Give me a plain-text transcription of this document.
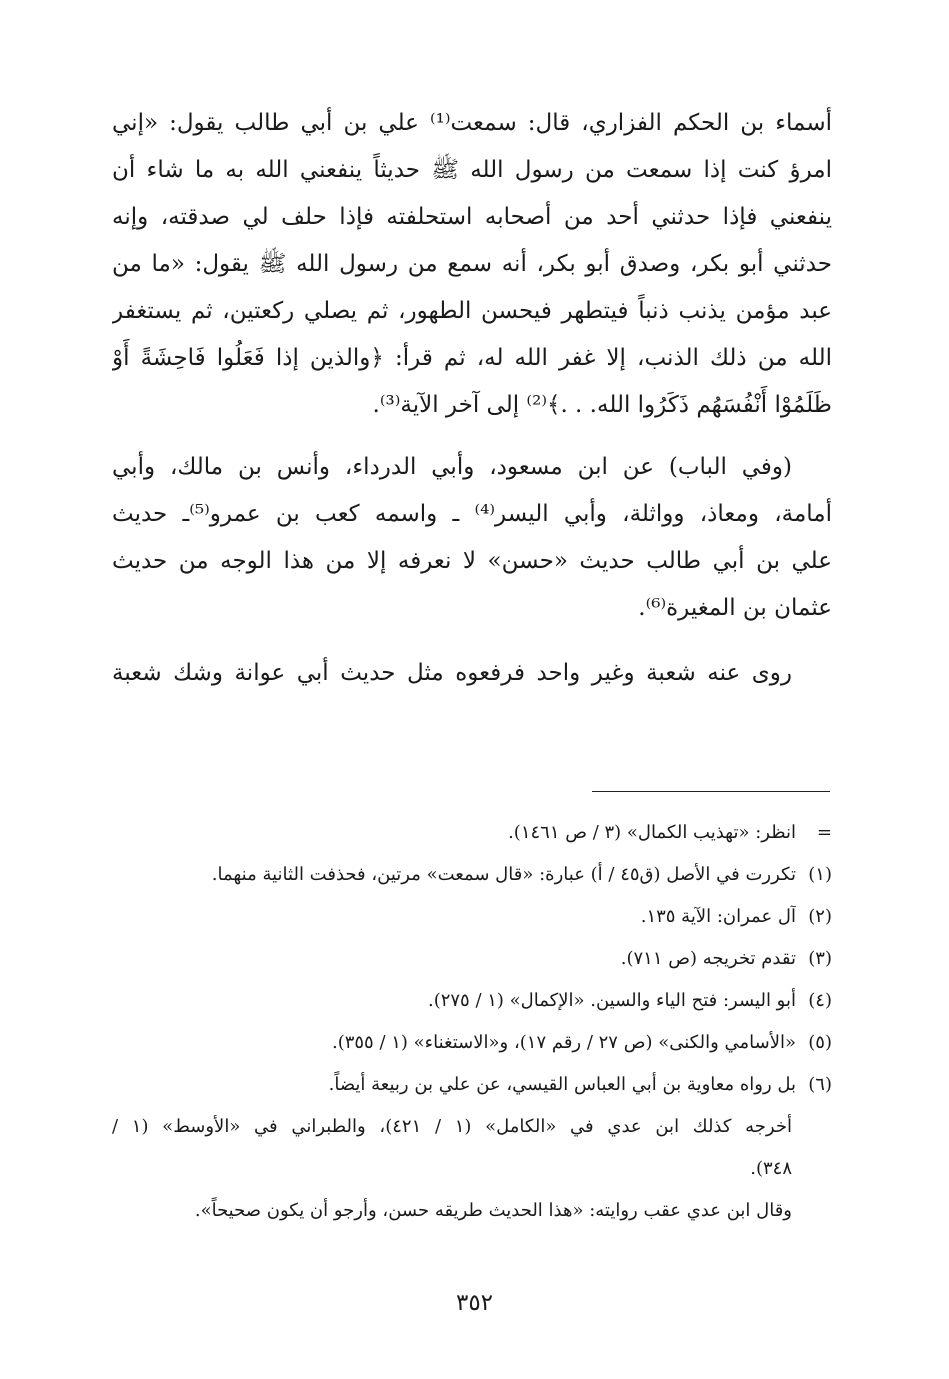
أسماء بن الحكم الفزاري، قال: سمعت⁽¹⁾ علي بن أبي طالب يقول: «إني
امرؤ كنت إذا سمعت من رسول الله ﷺ حديثاً ينفعني الله به ما شاء أن
ينفعني فإذا حدثني أحد من أصحابه استحلفته فإذا حلف لي صدقته، وإنه
حدثني أبو بكر، وصدق أبو بكر، أنه سمع من رسول الله ﷺ يقول: «ما من
عبد مؤمن يذنب ذنباً فيتطهر فيحسن الطهور، ثم يصلي ركعتين، ثم يستغفر
الله من ذلك الذنب، إلا غفر الله له، ثم قرأ: ﴿والذين إذا فَعَلُوا فَاحِشَةً أَوْ
ظَلَمُوْا أَنْفُسَهُم ذَكَرُوا الله. . .﴾⁽²⁾ إلى آخر الآية⁽³⁾.
(وفي الباب) عن ابن مسعود، وأبي الدرداء، وأنس بن مالك، وأبي
أمامة، ومعاذ، وواثلة، وأبي اليسر⁽⁴⁾ ـ واسمه كعب بن عمرو⁽⁵⁾ـ حديث
علي بن أبي طالب حديث «حسن» لا نعرفه إلا من هذا الوجه من حديث
عثمان بن المغيرة⁽⁶⁾.
روى عنه شعبة وغير واحد فرفعوه مثل حديث أبي عوانة وشك شعبة
=
انظر: «تهذيب الكمال» (٣ / ص ١٤٦١).
(١)
تكررت في الأصل (ق٤٥ / أ) عبارة: «قال سمعت» مرتين، فحذفت الثانية منهما.
(٢)
آل عمران: الآية ١٣٥.
(٣)
تقدم تخريجه (ص ٧١١).
(٤)
أبو اليسر: فتح الياء والسين. «الإكمال» (١ / ٢٧٥).
(٥)
«الأسامي والكنى» (ص ٢٧ / رقم ١٧)، و«الاستغناء» (١ / ٣٥٥).
(٦)
بل رواه معاوية بن أبي العباس القيسي، عن علي بن ربيعة أيضاً.
أخرجه كذلك ابن عدي في «الكامل» (١ / ٤٢١)، والطبراني في «الأوسط» (١ /
٣٤٨).
وقال ابن عدي عقب روايته: «هذا الحديث طريقه حسن، وأرجو أن يكون صحيحاً».
٣٥٢
